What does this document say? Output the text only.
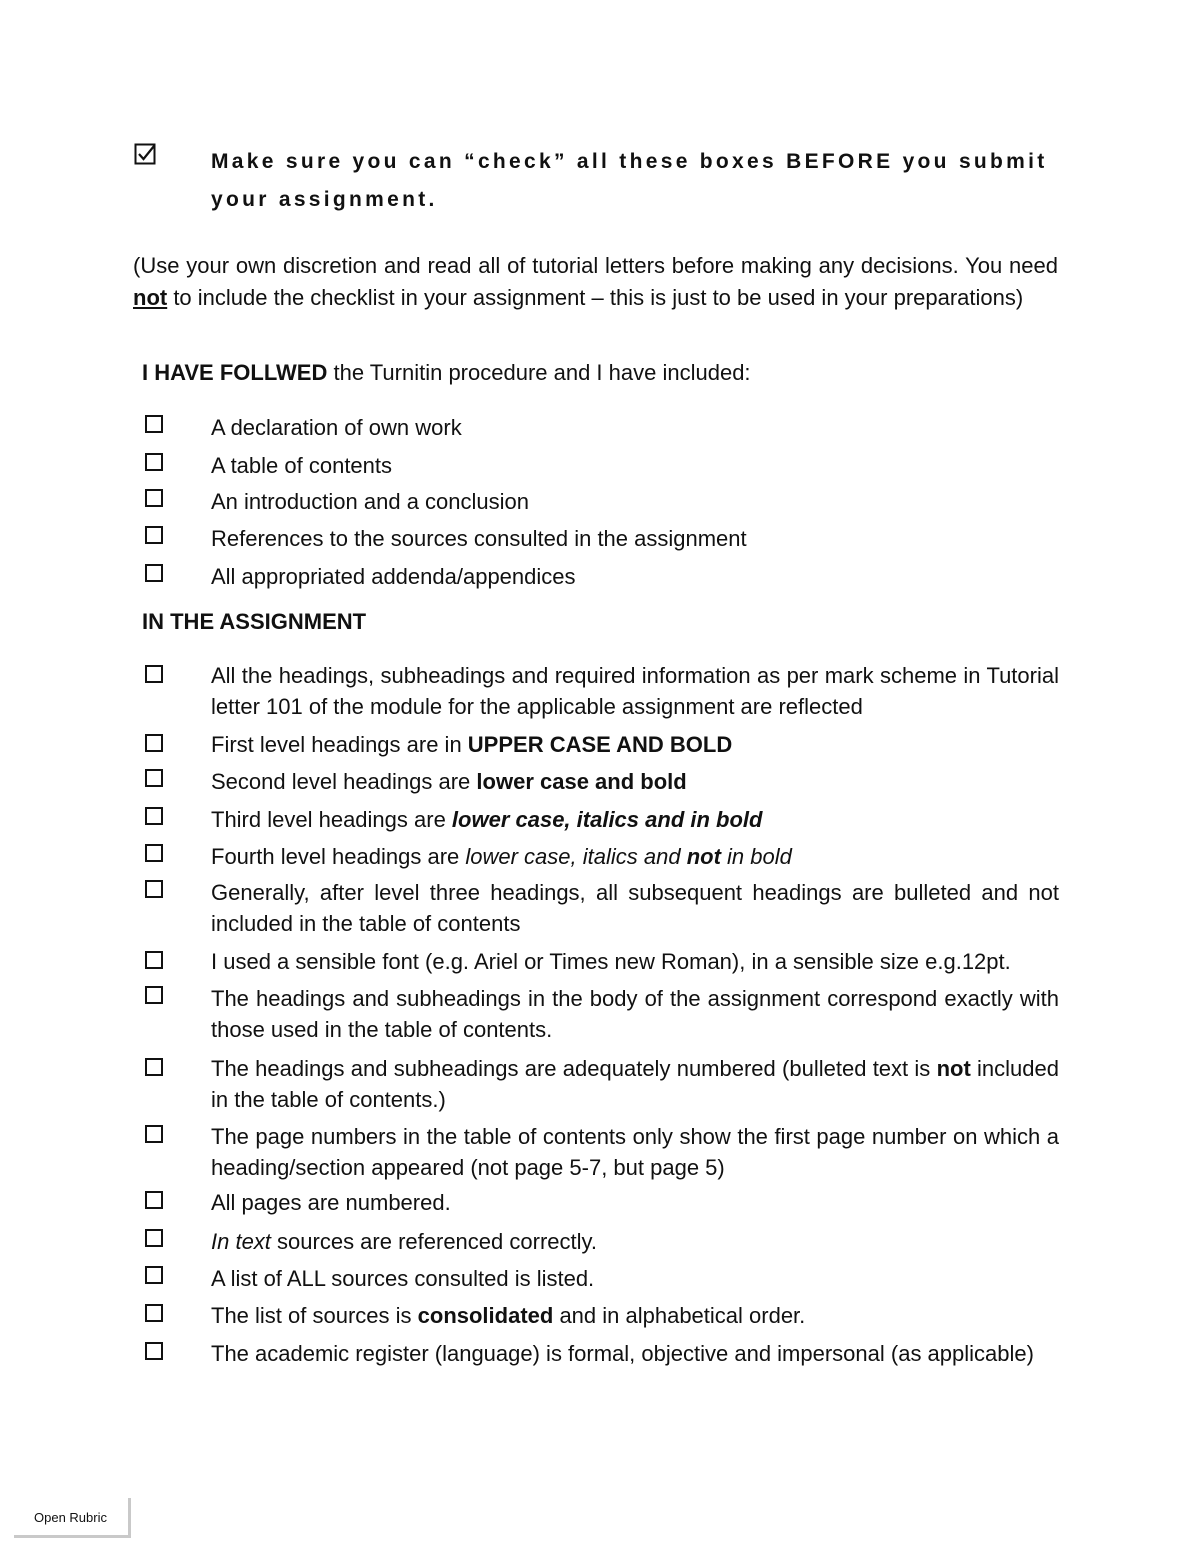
Make sure you can “check” all these boxes BEFORE you submit
your assignment.
(Use your own discretion and read all of tutorial letters before making any decisions. You need not to include the checklist in your assignment – this is just to be used in your preparations)
I HAVE FOLLWED the Turnitin procedure and I have included:
A declaration of own work
A table of contents
An introduction and a conclusion
References to the sources consulted in the assignment
All appropriated addenda/appendices
IN THE ASSIGNMENT
All the headings, subheadings and required information as per mark scheme in Tutorial letter 101 of the module for the applicable assignment are reflected
First level headings are in UPPER CASE AND BOLD
Second level headings are lower case and bold
Third level headings are lower case, italics and in bold
Fourth level headings are lower case, italics and not in bold
Generally, after level three headings, all subsequent headings are bulleted and not included in the table of contents
I used a sensible font (e.g. Ariel or Times new Roman), in a sensible size e.g.12pt.
The headings and subheadings in the body of the assignment correspond exactly with those used in the table of contents.
The headings and subheadings are adequately numbered (bulleted text is not included in the table of contents.)
The page numbers in the table of contents only show the first page number on which a heading/section appeared (not page 5-7, but page 5)
All pages are numbered.
In text sources are referenced correctly.
A list of ALL sources consulted is listed.
The list of sources is consolidated and in alphabetical order.
The academic register (language) is formal, objective and impersonal (as applicable)
Open Rubric
